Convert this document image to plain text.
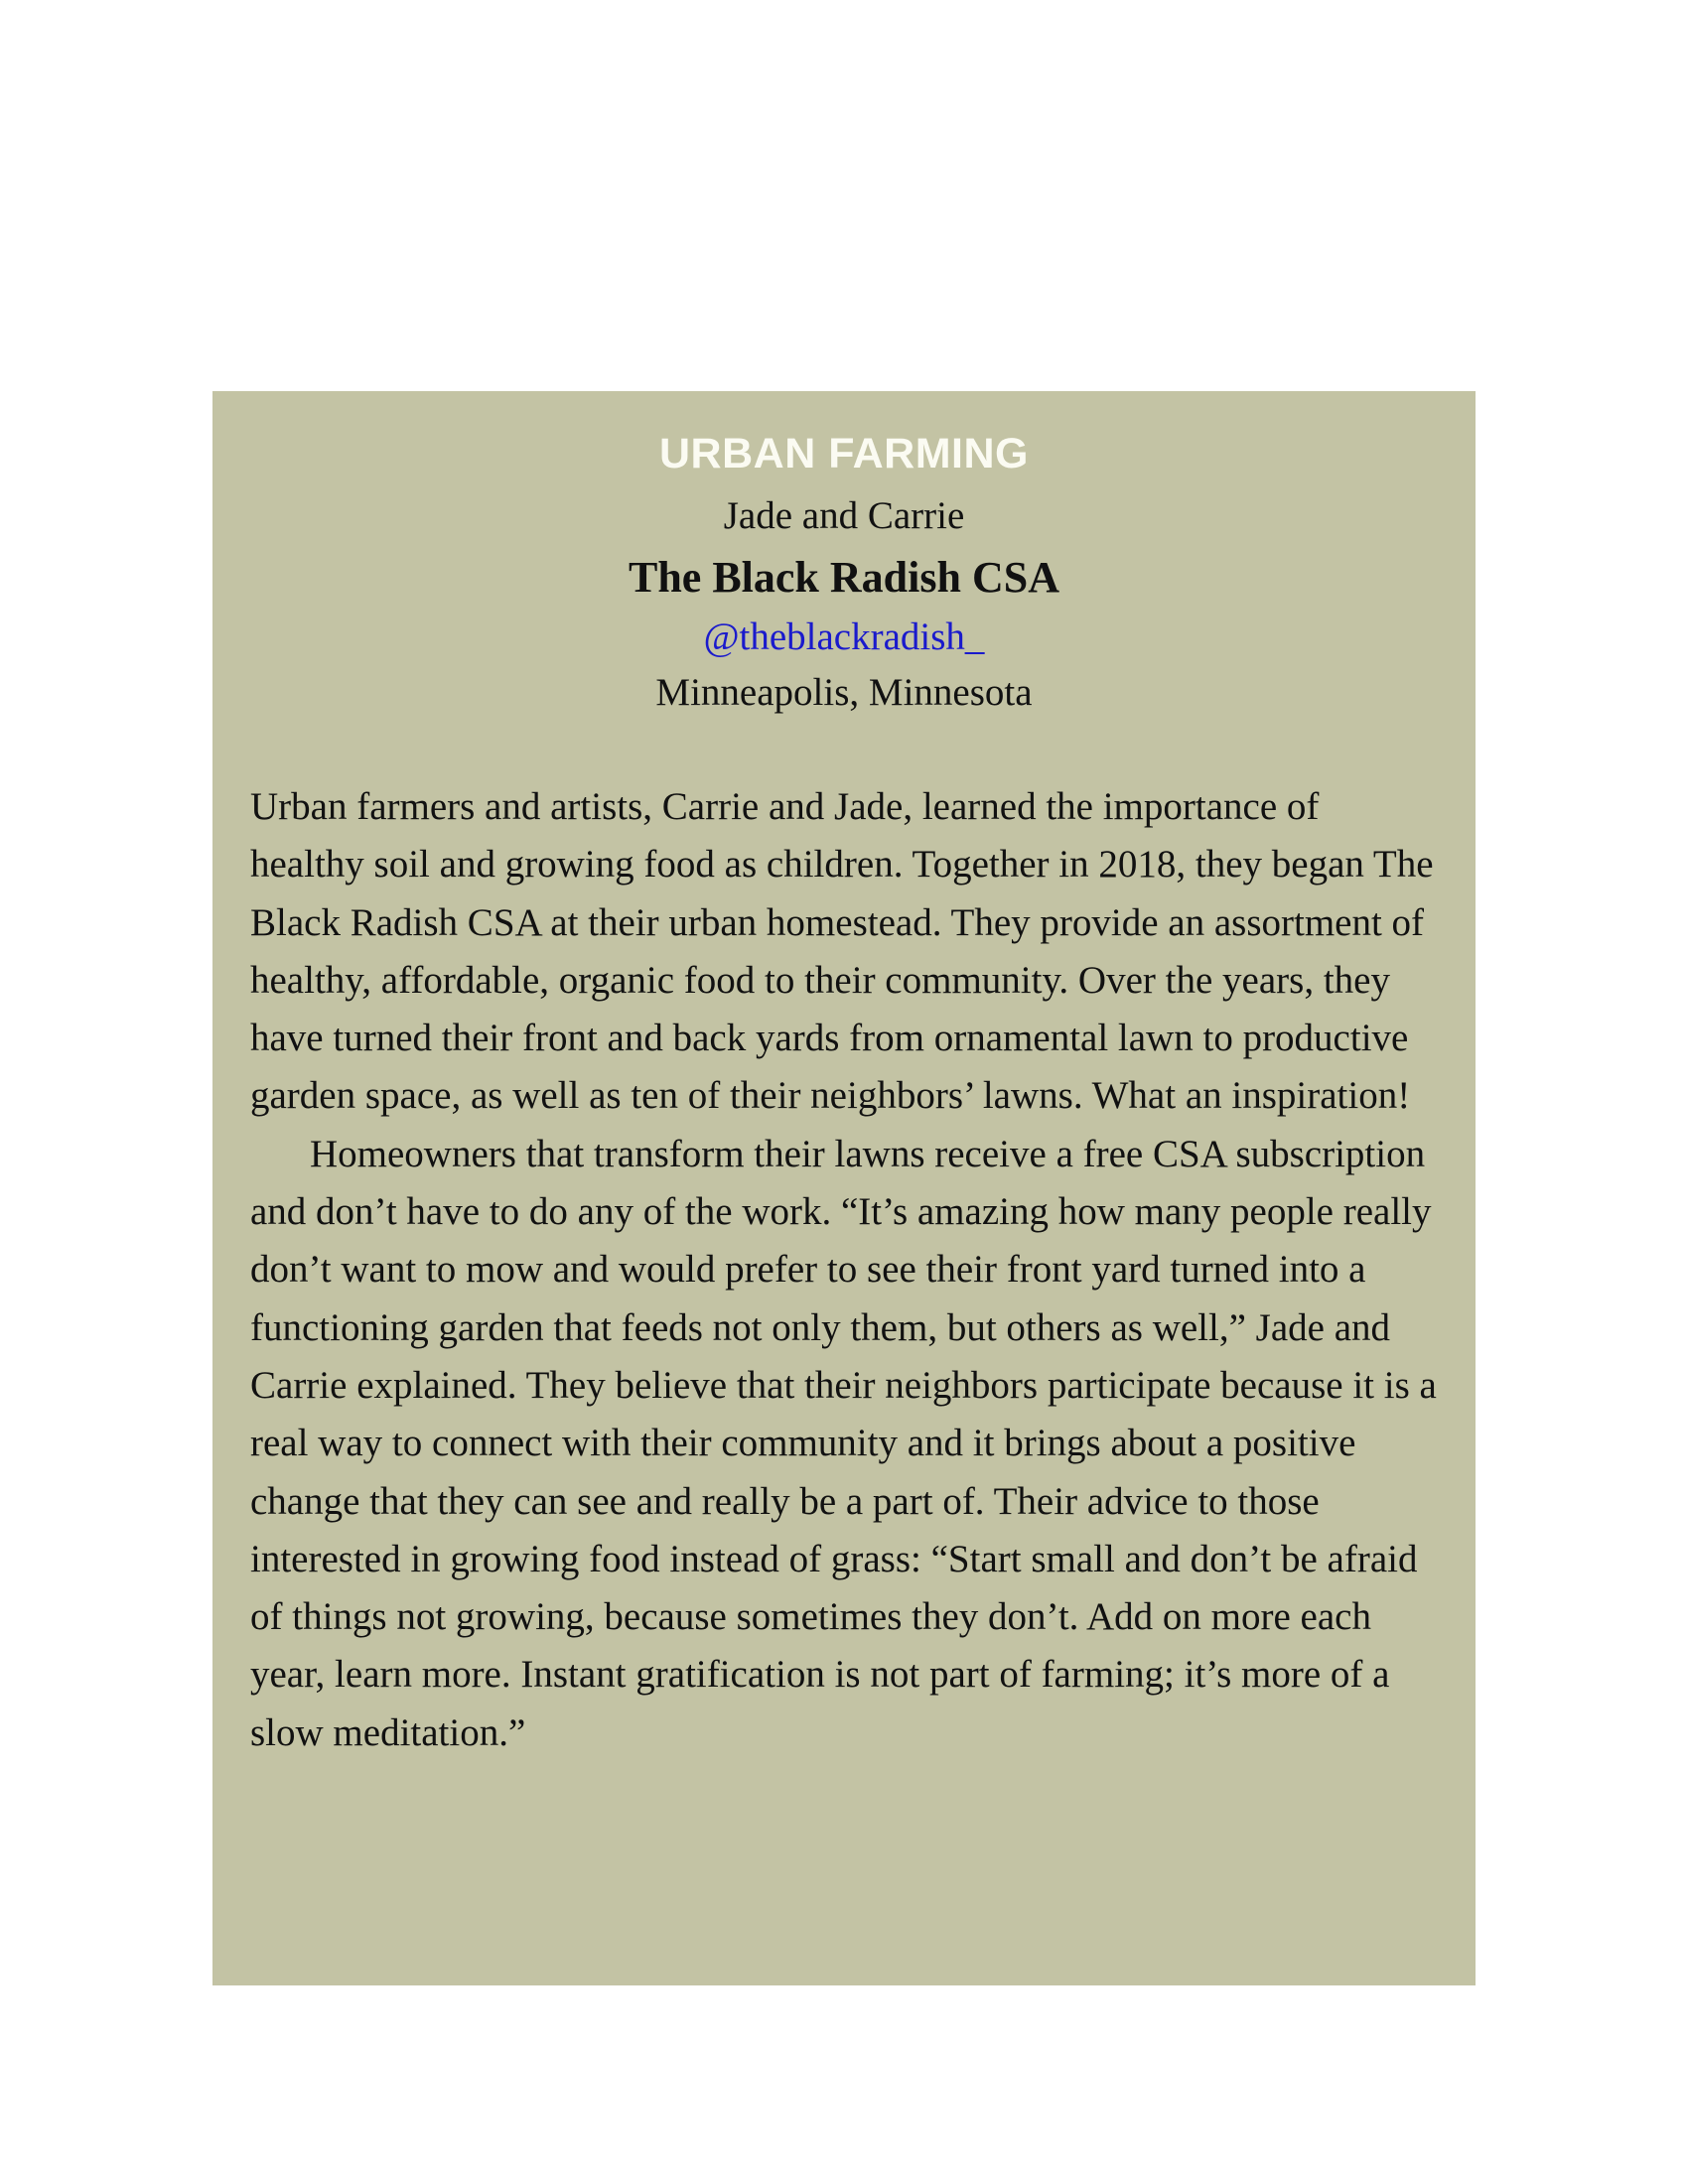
URBAN FARMING
Jade and Carrie
The Black Radish CSA
@theblackradish_
Minneapolis, Minnesota

Urban farmers and artists, Carrie and Jade, learned the importance of healthy soil and growing food as children. Together in 2018, they began The Black Radish CSA at their urban homestead. They provide an assortment of healthy, affordable, organic food to their community. Over the years, they have turned their front and back yards from ornamental lawn to productive garden space, as well as ten of their neighbors’ lawns. What an inspiration!

Homeowners that transform their lawns receive a free CSA subscription and don’t have to do any of the work. “It’s amazing how many people really don’t want to mow and would prefer to see their front yard turned into a functioning garden that feeds not only them, but others as well,” Jade and Carrie explained. They believe that their neighbors participate because it is a real way to connect with their community and it brings about a positive change that they can see and really be a part of. Their advice to those interested in growing food instead of grass: “Start small and don’t be afraid of things not growing, because sometimes they don’t. Add on more each year, learn more. Instant gratification is not part of farming; it’s more of a slow meditation.”
